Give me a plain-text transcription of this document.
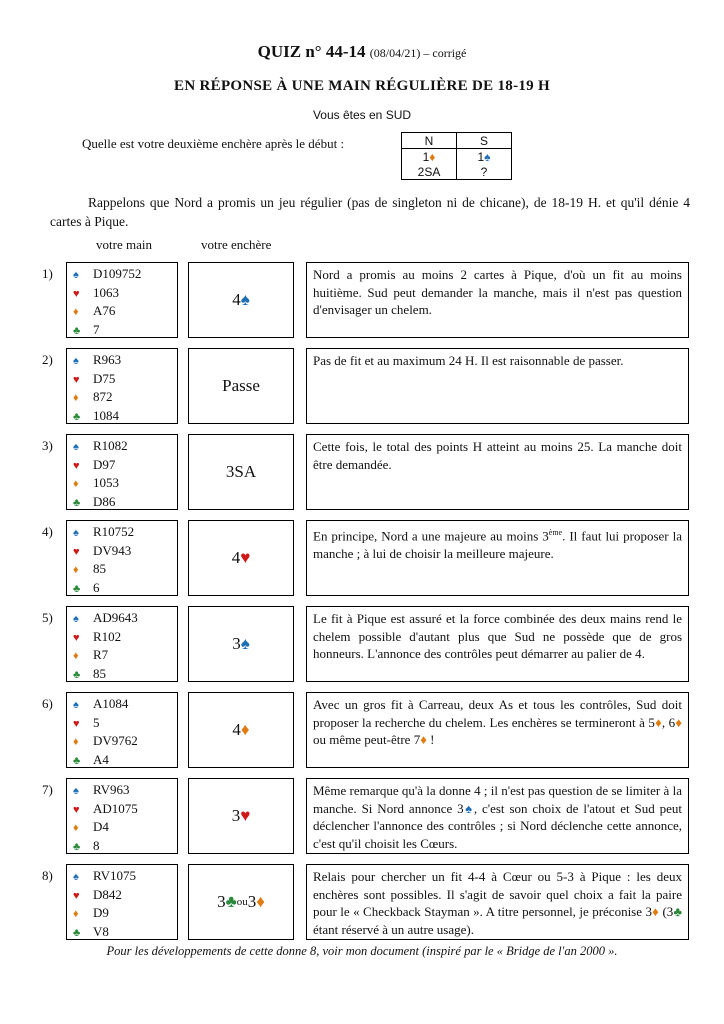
QUIZ n° 44-14 (08/04/21) – corrigé
EN RÉPONSE À UNE MAIN RÉGULIÈRE DE 18-19 H
Vous êtes en SUD
Quelle est votre deuxième enchère après le début :	N	S
1♦	1♠
2SA	?
Rappelons que Nord a promis un jeu régulier (pas de singleton ni de chicane), de 18-19 H. et qu'il dénie 4 cartes à Pique.
votre main	votre enchère
1) ♠ D109752
♥ 1063
♦ A76
♣ 7
4 ♠
Nord a promis au moins 2 cartes à Pique, d'où un fit au moins huitième. Sud peut demander la manche, mais il n'est pas question d'envisager un chelem.
2) ♠ R963
♥ D75
♦ 872
♣ 1084
Passe
Pas de fit et au maximum 24 H. Il est raisonnable de passer.
3) ♠ R1082
♥ D97
♦ 1053
♣ D86
3SA
Cette fois, le total des points H atteint au moins 25. La manche doit être demandée.
4) ♠ R10752
♥ DV943
♦ 85
♣ 6
4 ♥
En principe, Nord a une majeure au moins 3ème. Il faut lui proposer la manche ; à lui de choisir la meilleure majeure.
5) ♠ AD9643
♥ R102
♦ R7
♣ 85
3 ♠
Le fit à Pique est assuré et la force combinée des deux mains rend le chelem possible d'autant plus que Sud ne possède que de gros honneurs. L'annonce des contrôles peut démarrer au palier de 4.
6) ♠ A1084
♥ 5
♦ DV9762
♣ A4
4 ♦
Avec un gros fit à Carreau, deux As et tous les contrôles, Sud doit proposer la recherche du chelem. Les enchères se termineront à 5♦, 6♦ ou même peut-être 7♦ !
7) ♠ RV963
♥ AD1075
♦ D4
♣ 8
3 ♥
Même remarque qu'à la donne 4 ; il n'est pas question de se limiter à la manche. Si Nord annonce 3♠, c'est son choix de l'atout et Sud peut déclencher l'annonce des contrôles ; si Nord déclenche cette annonce, c'est qu'il choisit les Cœurs.
8) ♠ RV1075
♥ D842
♦ D9
♣ V8
3 ♣ ou 3 ♦
Relais pour chercher un fit 4-4 à Cœur ou 5-3 à Pique : les deux enchères sont possibles. Il s'agit de savoir quel choix a fait la paire pour le « Checkback Stayman ». A titre personnel, je préconise 3♦ (3♣ étant réservé à un autre usage).
Pour les développements de cette donne 8, voir mon document (inspiré par le « Bridge de l'an 2000 ».
